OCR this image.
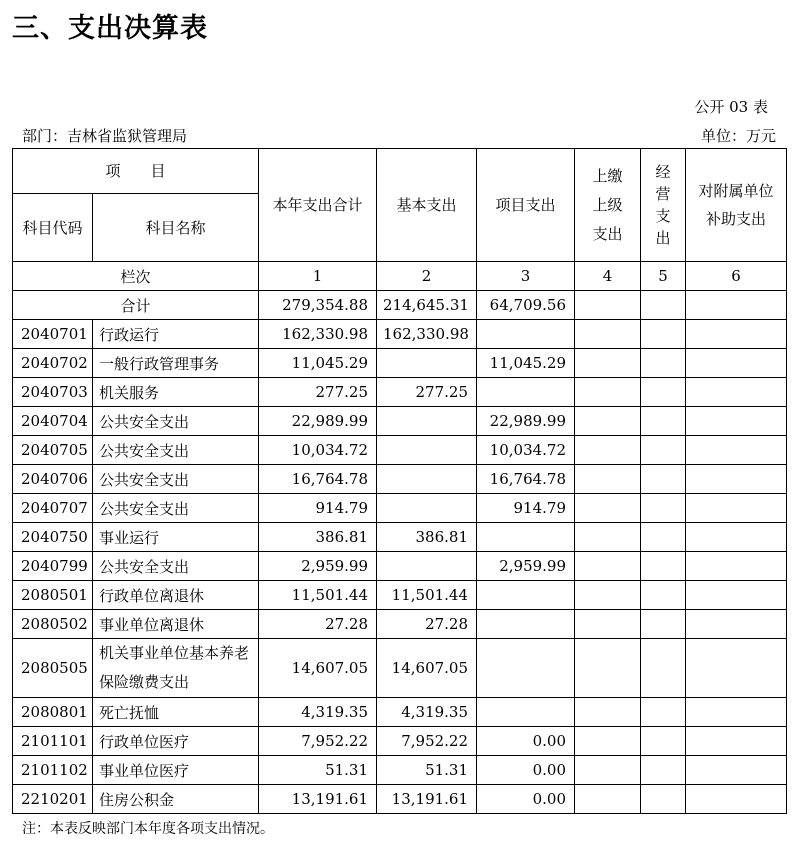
三、支出决算表
公开 03 表
部门：吉林省监狱管理局	单位：万元
项　　目		本年支出合计	基本支出	项目支出	上缴上级支出	经营支出	对附属单位补助支出
科目代码	科目名称						
栏次		1	2	3	4	5	6
合计		279,354.88	214,645.31	64,709.56			
2040701	行政运行	162,330.98	162,330.98				
2040702	一般行政管理事务	11,045.29		11,045.29			
2040703	机关服务	277.25	277.25				
2040704	公共安全支出	22,989.99		22,989.99			
2040705	公共安全支出	10,034.72		10,034.72			
2040706	公共安全支出	16,764.78		16,764.78			
2040707	公共安全支出	914.79		914.79			
2040750	事业运行	386.81	386.81				
2040799	公共安全支出	2,959.99		2,959.99			
2080501	行政单位离退休	11,501.44	11,501.44				
2080502	事业单位离退休	27.28	27.28				
2080505	机关事业单位基本养老保险缴费支出	14,607.05	14,607.05				
2080801	死亡抚恤	4,319.35	4,319.35				
2101101	行政单位医疗	7,952.22	7,952.22	0.00			
2101102	事业单位医疗	51.31	51.31	0.00			
2210201	住房公积金	13,191.61	13,191.61	0.00			
注：本表反映部门本年度各项支出情况。
